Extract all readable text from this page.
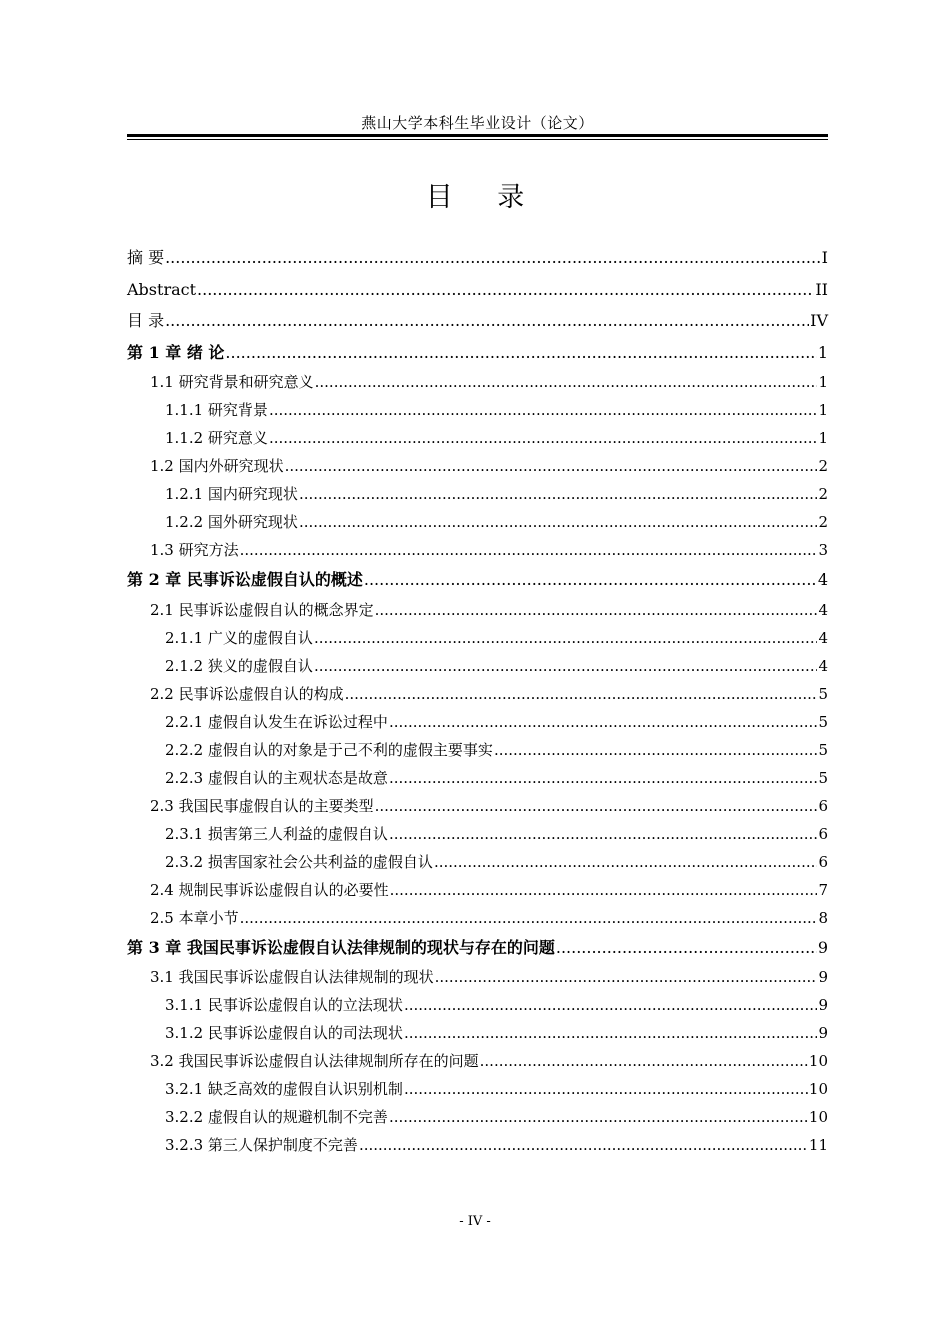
燕山大学本科生毕业设计（论文）
目 录
摘 要 .....	I
Abstract .....	II
目 录 .....	IV
第 1 章 绪 论 .....	1
1.1 研究背景和研究意义 .....	1
1.1.1 研究背景 .....	1
1.1.2 研究意义 .....	1
1.2 国内外研究现状 .....	2
1.2.1 国内研究现状 .....	2
1.2.2 国外研究现状 .....	2
1.3 研究方法 .....	3
第 2 章 民事诉讼虚假自认的概述 .....	4
2.1 民事诉讼虚假自认的概念界定 .....	4
2.1.1 广义的虚假自认 .....	4
2.1.2 狭义的虚假自认 .....	4
2.2 民事诉讼虚假自认的构成 .....	5
2.2.1 虚假自认发生在诉讼过程中 .....	5
2.2.2 虚假自认的对象是于己不利的虚假主要事实 .....	5
2.2.3 虚假自认的主观状态是故意 .....	5
2.3 我国民事虚假自认的主要类型 .....	6
2.3.1 损害第三人利益的虚假自认 .....	6
2.3.2 损害国家社会公共利益的虚假自认 .....	6
2.4 规制民事诉讼虚假自认的必要性 .....	7
2.5 本章小节 .....	8
第 3 章 我国民事诉讼虚假自认法律规制的现状与存在的问题 .....	9
3.1 我国民事诉讼虚假自认法律规制的现状 .....	9
3.1.1 民事诉讼虚假自认的立法现状 .....	9
3.1.2 民事诉讼虚假自认的司法现状 .....	9
3.2 我国民事诉讼虚假自认法律规制所存在的问题 .....	10
3.2.1 缺乏高效的虚假自认识别机制 .....	10
3.2.2 虚假自认的规避机制不完善 .....	10
3.2.3 第三人保护制度不完善 .....	11
- IV -
